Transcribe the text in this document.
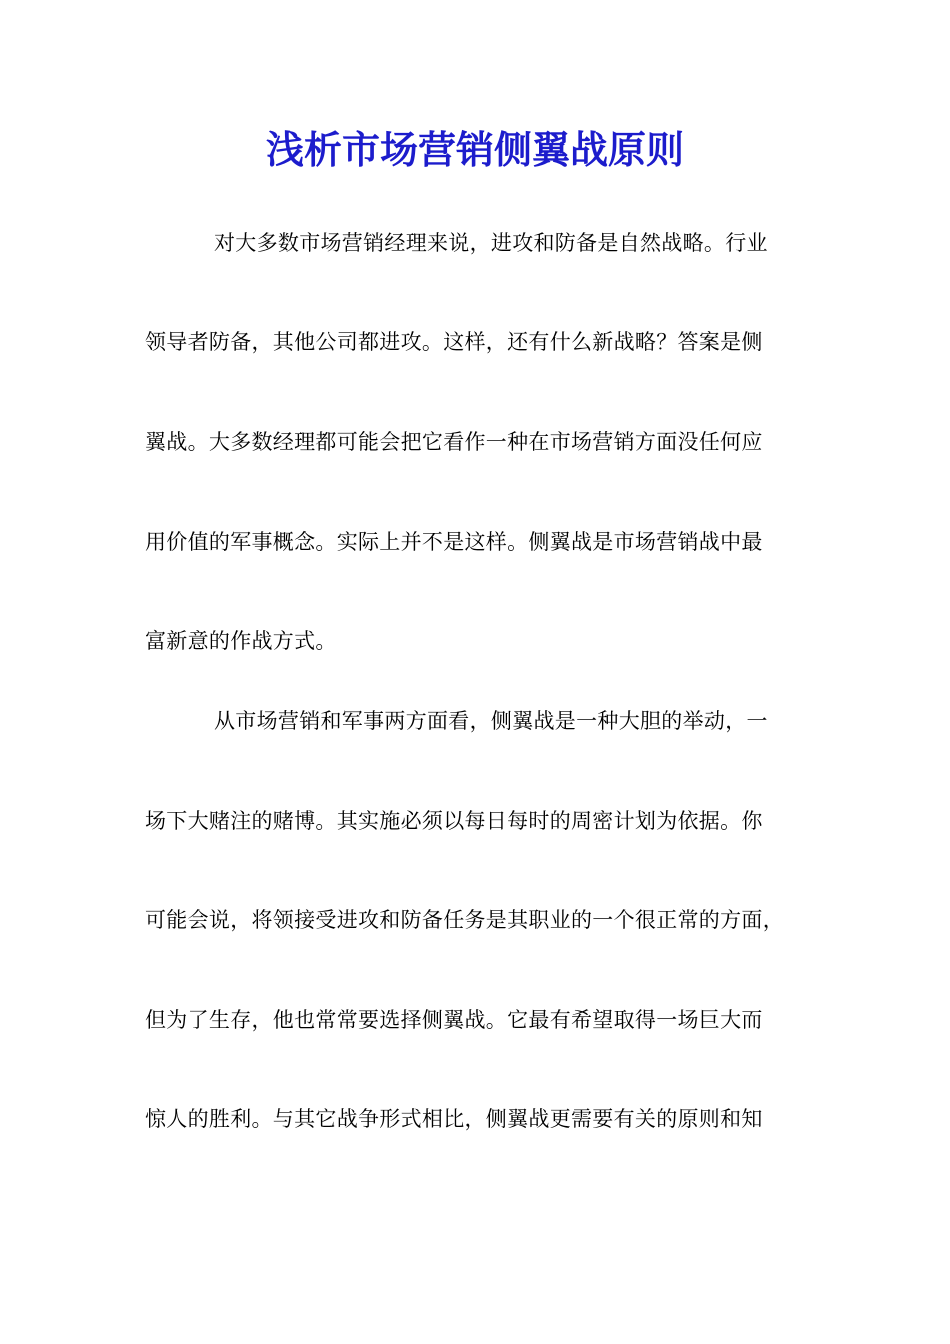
浅析市场营销侧翼战原则
对大多数市场营销经理来说，进攻和防备是自然战略。行业
领导者防备，其他公司都进攻。这样，还有什么新战略？答案是侧
翼战。大多数经理都可能会把它看作一种在市场营销方面没任何应
用价值的军事概念。实际上并不是这样。侧翼战是市场营销战中最
富新意的作战方式。
从市场营销和军事两方面看，侧翼战是一种大胆的举动，一
场下大赌注的赌博。其实施必须以每日每时的周密计划为依据。你
可能会说，将领接受进攻和防备任务是其职业的一个很正常的方面，
但为了生存，他也常常要选择侧翼战。它最有希望取得一场巨大而
惊人的胜利。与其它战争形式相比，侧翼战更需要有关的原则和知
